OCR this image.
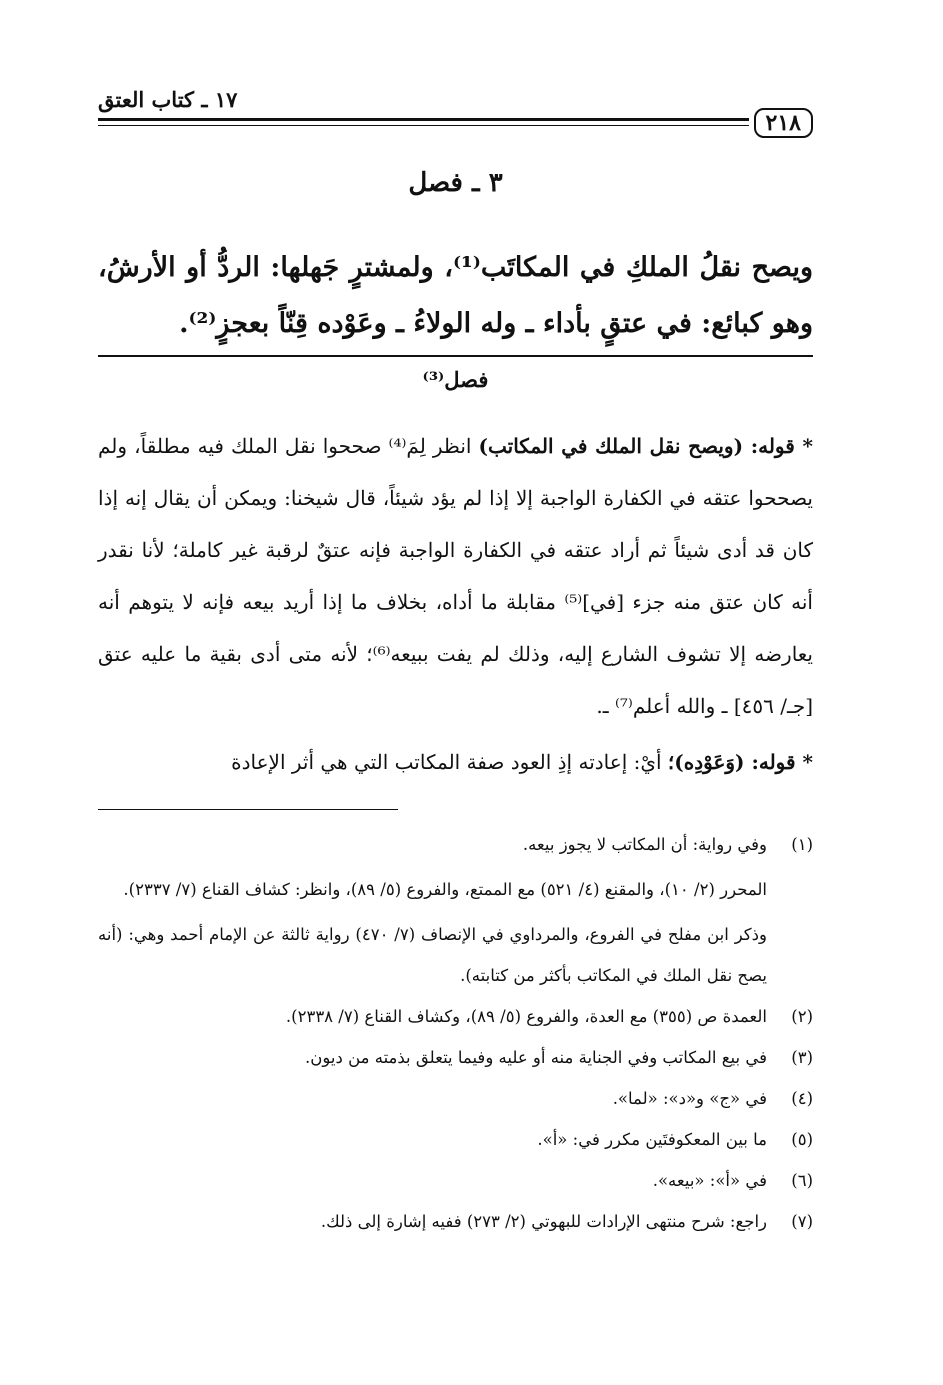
٢١٨
١٧ ـ كتاب العتق
٣ ـ فصل
ويصح نقلُ الملكِ في المكاتَب⁽¹⁾، ولمشترٍ جَهلها: الردُّ أو الأرشُ، وهو كبائع: في عتقٍ بأداء ـ وله الولاءُ ـ وعَوْده قِنّاً بعجزٍ⁽²⁾.
فصل⁽³⁾

* قوله: (ويصح نقل الملك في المكاتب) انظر لِمَ⁽⁴⁾ صححوا نقل الملك فيه مطلقاً، ولم يصححوا عتقه في الكفارة الواجبة إلا إذا لم يؤد شيئاً، قال شيخنا: ويمكن أن يقال إنه إذا كان قد أدى شيئاً ثم أراد عتقه في الكفارة الواجبة فإنه عتقٌ لرقبة غير كاملة؛ لأنا نقدر أنه كان عتق منه جزء [في]⁽⁵⁾ مقابلة ما أداه، بخلاف ما إذا أريد بيعه فإنه لا يتوهم أنه يعارضه إلا تشوف الشارع إليه، وذلك لم يفت ببيعه⁽⁶⁾؛ لأنه متى أدى بقية ما عليه عتق [جـ/ ٤٥٦] ـ والله أعلم⁽⁷⁾ ـ.

* قوله: (وَعَوْدِه)؛ أيْ: إعادته إذِ العود صفة المكاتب التي هي أثر الإعادة

(١)

وفي رواية: أن المكاتب لا يجوز بيعه.

المحرر (٢/ ١٠)، والمقنع (٤/ ٥٢١) مع الممتع، والفروع (٥/ ٨٩)، وانظر: كشاف القناع (٧/ ٢٣٣٧).

وذكر ابن مفلح في الفروع، والمرداوي في الإنصاف (٧/ ٤٧٠) رواية ثالثة عن الإمام أحمد وهي: (أنه يصح نقل الملك في المكاتب بأكثر من كتابته).

(٢)

العمدة ص (٣٥٥) مع العدة، والفروع (٥/ ٨٩)، وكشاف القناع (٧/ ٢٣٣٨).

(٣)

في بيع المكاتب وفي الجناية منه أو عليه وفيما يتعلق بذمته من ديون.

(٤)

في «ج» و«د»: «لما».

(٥)

ما بين المعكوفتَين مكرر في: «أ».

(٦)

في «أ»: «بيعه».

(٧)

راجع: شرح منتهى الإرادات للبهوتي (٢/ ٢٧٣) ففيه إشارة إلى ذلك.
